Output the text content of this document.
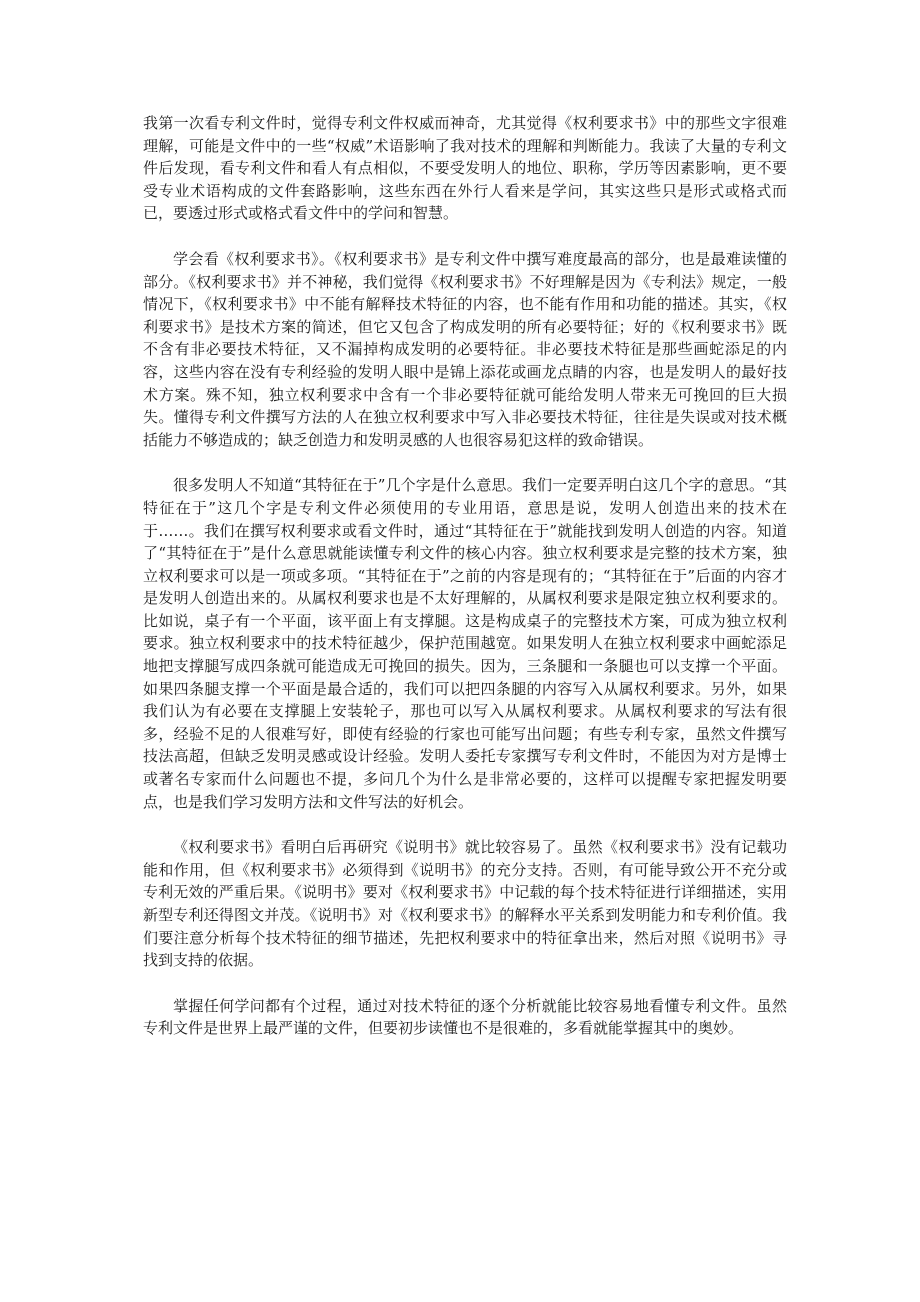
我第一次看专利文件时，觉得专利文件权威而神奇，尤其觉得《权利要求书》中的那些文字很难理解，可能是文件中的一些“权威”术语影响了我对技术的理解和判断能力。我读了大量的专利文件后发现，看专利文件和看人有点相似，不要受发明人的地位、职称，学历等因素影响，更不要受专业术语构成的文件套路影响，这些东西在外行人看来是学问，其实这些只是形式或格式而已，要透过形式或格式看文件中的学问和智慧。

学会看《权利要求书》。《权利要求书》是专利文件中撰写难度最高的部分，也是最难读懂的部分。《权利要求书》并不神秘，我们觉得《权利要求书》不好理解是因为《专利法》规定，一般情况下，《权利要求书》中不能有解释技术特征的内容，也不能有作用和功能的描述。其实，《权利要求书》是技术方案的简述，但它又包含了构成发明的所有必要特征；好的《权利要求书》既不含有非必要技术特征，又不漏掉构成发明的必要特征。非必要技术特征是那些画蛇添足的内容，这些内容在没有专利经验的发明人眼中是锦上添花或画龙点睛的内容，也是发明人的最好技术方案。殊不知，独立权利要求中含有一个非必要特征就可能给发明人带来无可挽回的巨大损失。懂得专利文件撰写方法的人在独立权利要求中写入非必要技术特征，往往是失误或对技术概括能力不够造成的；缺乏创造力和发明灵感的人也很容易犯这样的致命错误。

很多发明人不知道“其特征在于”几个字是什么意思。我们一定要弄明白这几个字的意思。“其特征在于”这几个字是专利文件必须使用的专业用语，意思是说，发明人创造出来的技术在于……。我们在撰写权利要求或看文件时，通过“其特征在于”就能找到发明人创造的内容。知道了“其特征在于”是什么意思就能读懂专利文件的核心内容。独立权利要求是完整的技术方案，独立权利要求可以是一项或多项。“其特征在于”之前的内容是现有的；“其特征在于”后面的内容才是发明人创造出来的。从属权利要求也是不太好理解的，从属权利要求是限定独立权利要求的。比如说，桌子有一个平面，该平面上有支撑腿。这是构成桌子的完整技术方案，可成为独立权利要求。独立权利要求中的技术特征越少，保护范围越宽。如果发明人在独立权利要求中画蛇添足地把支撑腿写成四条就可能造成无可挽回的损失。因为，三条腿和一条腿也可以支撑一个平面。如果四条腿支撑一个平面是最合适的，我们可以把四条腿的内容写入从属权利要求。另外，如果我们认为有必要在支撑腿上安装轮子，那也可以写入从属权利要求。从属权利要求的写法有很多，经验不足的人很难写好，即使有经验的行家也可能写出问题；有些专利专家，虽然文件撰写技法高超，但缺乏发明灵感或设计经验。发明人委托专家撰写专利文件时，不能因为对方是博士或著名专家而什么问题也不提，多问几个为什么是非常必要的，这样可以提醒专家把握发明要点，也是我们学习发明方法和文件写法的好机会。

《权利要求书》看明白后再研究《说明书》就比较容易了。虽然《权利要求书》没有记载功能和作用，但《权利要求书》必须得到《说明书》的充分支持。否则，有可能导致公开不充分或专利无效的严重后果。《说明书》要对《权利要求书》中记载的每个技术特征进行详细描述，实用新型专利还得图文并茂。《说明书》对《权利要求书》的解释水平关系到发明能力和专利价值。我们要注意分析每个技术特征的细节描述，先把权利要求中的特征拿出来，然后对照《说明书》寻找到支持的依据。

掌握任何学问都有个过程，通过对技术特征的逐个分析就能比较容易地看懂专利文件。虽然专利文件是世界上最严谨的文件，但要初步读懂也不是很难的，多看就能掌握其中的奥妙。
